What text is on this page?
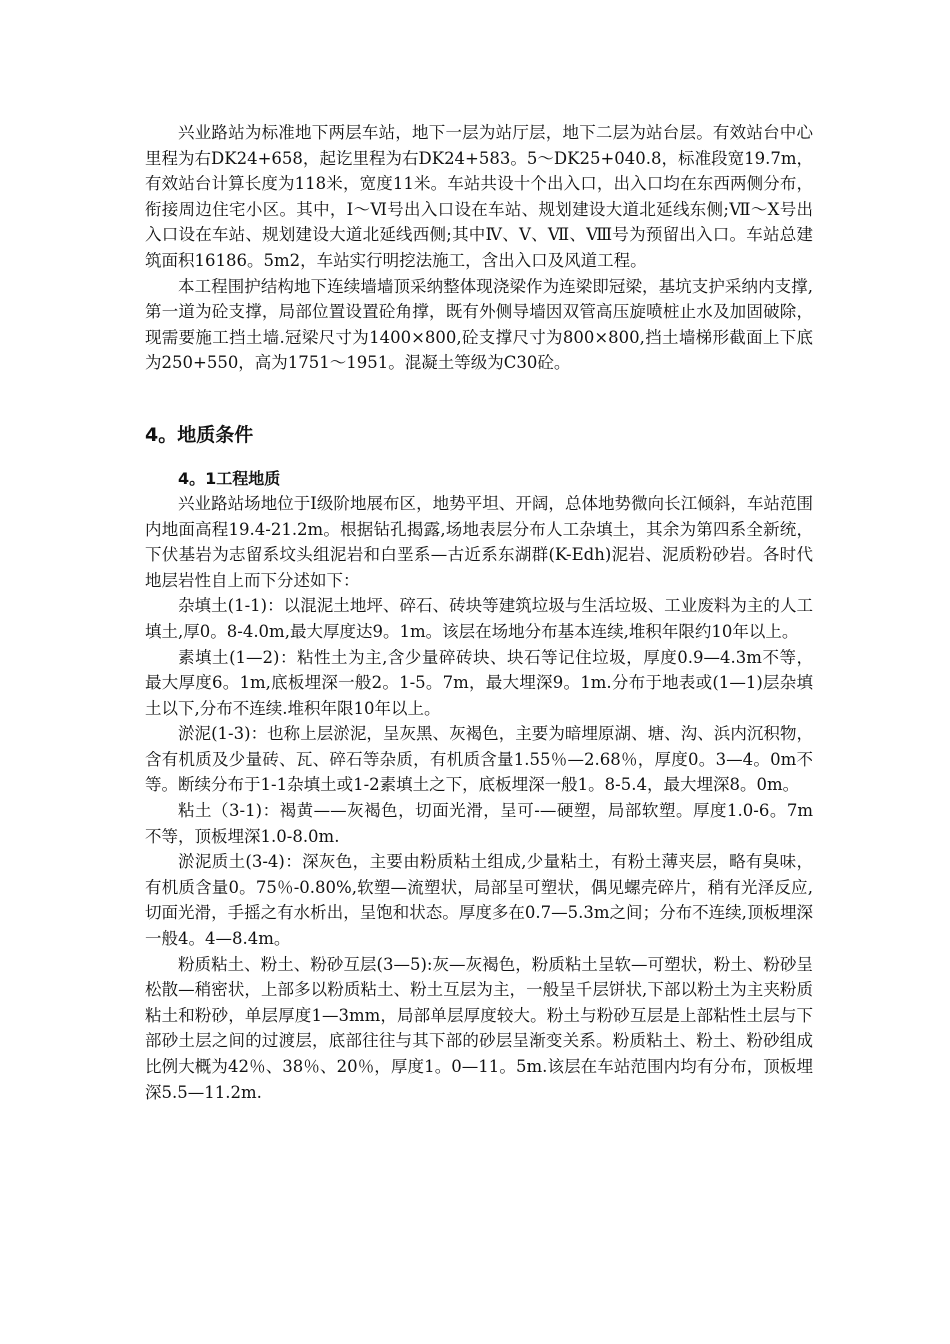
兴业路站为标准地下两层车站，地下一层为站厅层，地下二层为站台层。有效站台中心里程为右DK24+658，起讫里程为右DK24+583。5～DK25+040.8，标准段宽19.7m，有效站台计算长度为118米，宽度11米。车站共设十个出入口，出入口均在东西两侧分布，衔接周边住宅小区。其中，Ⅰ～Ⅵ号出入口设在车站、规划建设大道北延线东侧;Ⅶ～Ⅹ号出入口设在车站、规划建设大道北延线西侧;其中Ⅳ、Ⅴ、Ⅶ、Ⅷ号为预留出入口。车站总建筑面积16186。5m2，车站实行明挖法施工，含出入口及风道工程。

本工程围护结构地下连续墙墙顶采纳整体现浇梁作为连梁即冠梁，基坑支护采纳内支撑,第一道为砼支撑，局部位置设置砼角撑，既有外侧导墙因双管高压旋喷桩止水及加固破除，现需要施工挡土墙.冠梁尺寸为1400×800,砼支撑尺寸为800×800,挡土墙梯形截面上下底为250+550，高为1751～1951。混凝土等级为C30砼。

4。地质条件
4。1工程地质

兴业路站场地位于Ⅰ级阶地展布区，地势平坦、开阔，总体地势微向长江倾斜，车站范围内地面高程19.4-21.2m。根据钻孔揭露,场地表层分布人工杂填土，其余为第四系全新统，下伏基岩为志留系坟头组泥岩和白垩系—古近系东湖群(K-Edh)泥岩、泥质粉砂岩。各时代地层岩性自上而下分述如下：

杂填土(1-1)：以混泥土地坪、碎石、砖块等建筑垃圾与生活垃圾、工业废料为主的人工填土,厚0。8-4.0m,最大厚度达9。1m。该层在场地分布基本连续,堆积年限约10年以上。

素填土(1—2)：粘性土为主,含少量碎砖块、块石等记住垃圾，厚度0.9—4.3m不等，最大厚度6。1m,底板埋深一般2。1-5。7m，最大埋深9。1m.分布于地表或(1—1)层杂填土以下,分布不连续.堆积年限10年以上。

淤泥(1-3)：也称上层淤泥，呈灰黑、灰褐色，主要为暗埋原湖、塘、沟、浜内沉积物，含有机质及少量砖、瓦、碎石等杂质，有机质含量1.55％—2.68％，厚度0。3—4。0m不等。断续分布于1-1杂填土或1-2素填土之下，底板埋深一般1。8-5.4，最大埋深8。0m。

粘土（3-1)：褐黄——灰褐色，切面光滑，呈可-—硬塑，局部软塑。厚度1.0-6。7m不等，顶板埋深1.0-8.0m.

淤泥质土(3-4)：深灰色，主要由粉质粘土组成,少量粘土，有粉土薄夹层，略有臭味，有机质含量0。75％-0.80%,软塑—流塑状，局部呈可塑状，偶见螺壳碎片，稍有光泽反应,切面光滑，手摇之有水析出，呈饱和状态。厚度多在0.7—5.3m之间；分布不连续,顶板埋深一般4。4—8.4m。

粉质粘土、粉土、粉砂互层(3—5):灰—灰褐色，粉质粘土呈软—可塑状，粉土、粉砂呈松散—稍密状，上部多以粉质粘土、粉土互层为主，一般呈千层饼状,下部以粉土为主夹粉质粘土和粉砂，单层厚度1—3mm，局部单层厚度较大。粉土与粉砂互层是上部粘性土层与下部砂土层之间的过渡层，底部往往与其下部的砂层呈渐变关系。粉质粘土、粉土、粉砂组成比例大概为42％、38％、20％，厚度1。0—11。5m.该层在车站范围内均有分布，顶板埋深5.5—11.2m.
